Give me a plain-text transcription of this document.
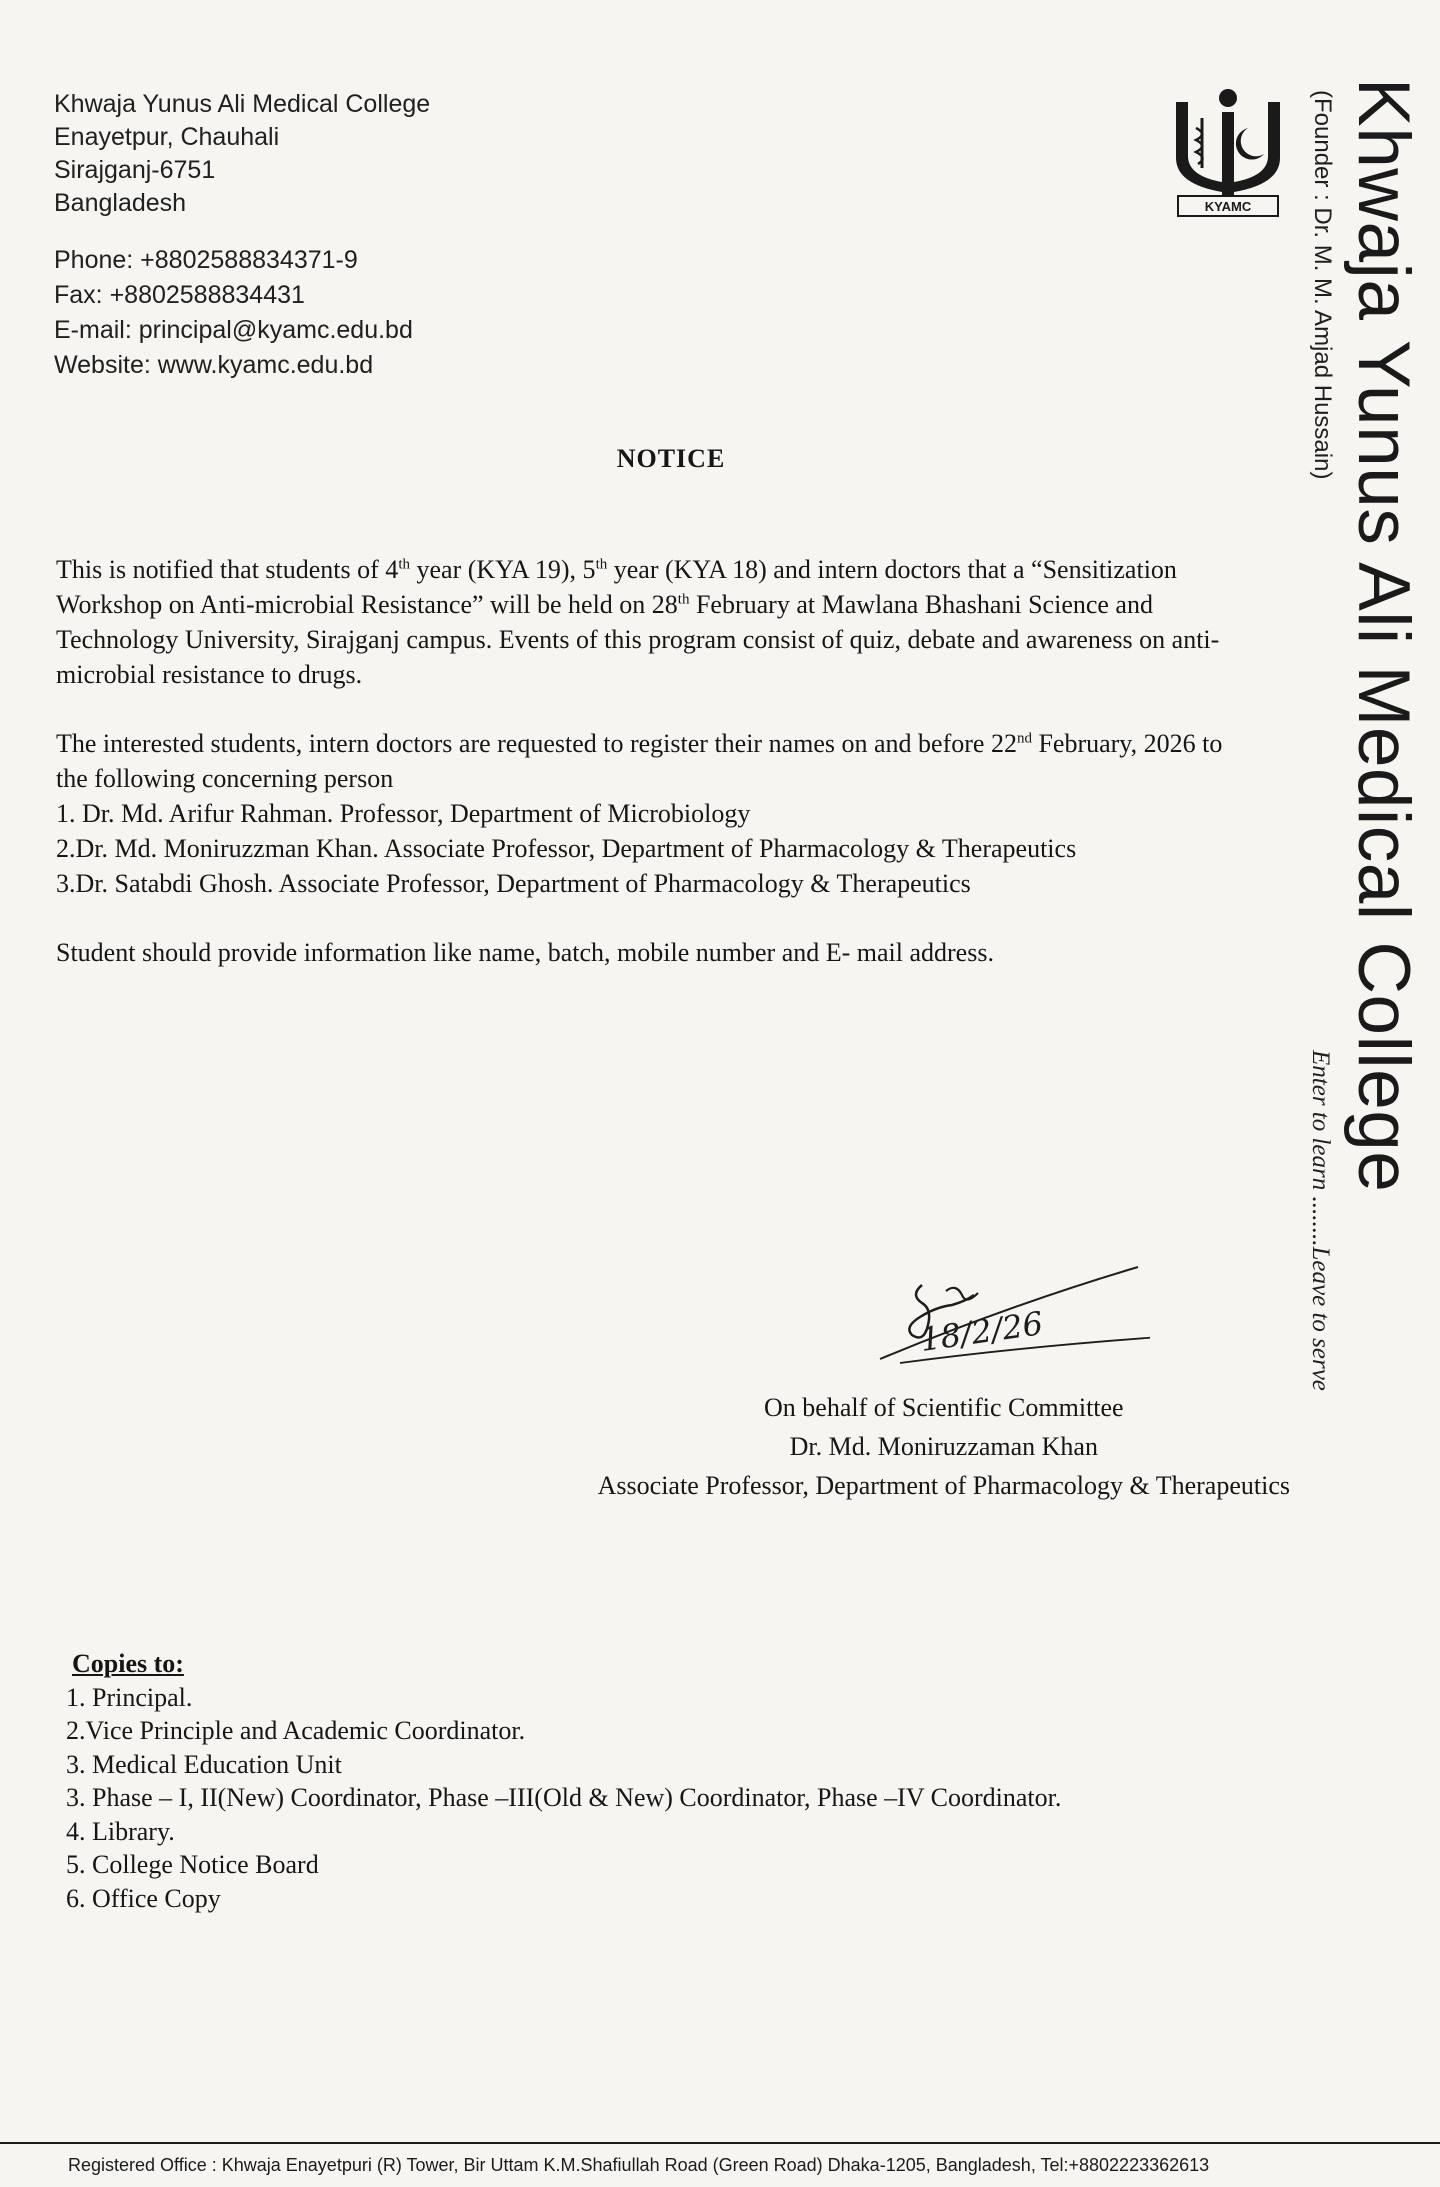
Khwaja Yunus Ali Medical College
Enayetpur, Chauhali
Sirajganj-6751
Bangladesh
Phone: +8802588834371-9
Fax: +8802588834431
E-mail: principal@kyamc.edu.bd
Website: www.kyamc.edu.bd
KYAMC Khwaja Yunus Ali Medical College
(Founder : Dr. M. M. Amjad Hussain)
Enter to learn ........Leave to serve
NOTICE

This is notified that students of 4th year (KYA 19), 5th year (KYA 18) and intern doctors that a “Sensitization Workshop on Anti-microbial Resistance” will be held on 28th February at Mawlana Bhashani Science and Technology University, Sirajganj campus. Events of this program consist of quiz, debate and awareness on anti-microbial resistance to drugs.

The interested students, intern doctors are requested to register their names on and before 22nd February, 2026 to the following concerning person

1. Dr. Md. Arifur Rahman. Professor, Department of Microbiology

2.Dr. Md. Moniruzzman Khan. Associate Professor, Department of Pharmacology & Therapeutics

3.Dr. Satabdi Ghosh. Associate Professor, Department of Pharmacology & Therapeutics

Student should provide information like name, batch, mobile number and E- mail address.

18/2/26
On behalf of Scientific Committee
Dr. Md. Moniruzzaman Khan
Associate Professor, Department of Pharmacology & Therapeutics
Copies to:
1. Principal.
2.Vice Principle and Academic Coordinator.
3. Medical Education Unit
3. Phase – I, II(New) Coordinator, Phase –III(Old & New) Coordinator, Phase –IV Coordinator.
4. Library.
5. College Notice Board
6. Office Copy
Registered Office : Khwaja Enayetpuri (R) Tower, Bir Uttam K.M.Shafiullah Road (Green Road) Dhaka-1205, Bangladesh, Tel:+8802223362613
